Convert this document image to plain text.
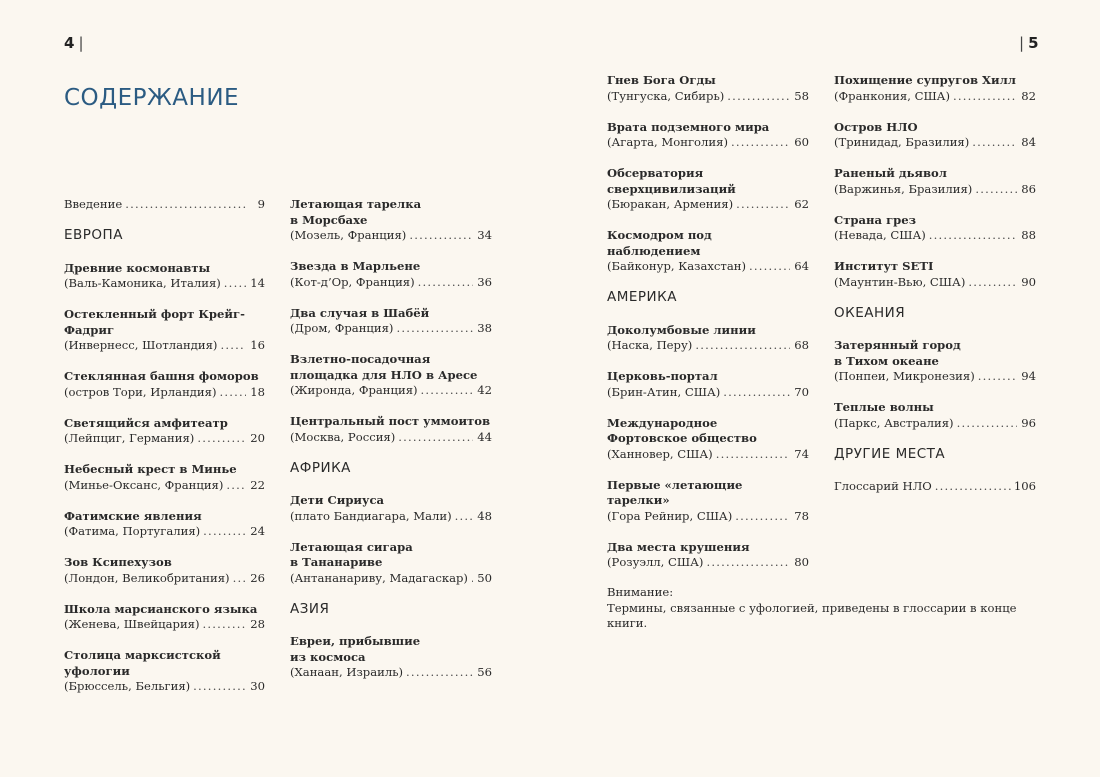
4 |	| 5
СОДЕРЖАНИЕ
Введение .....	9
ЕВРОПА
Древние космонавты
(Валь-Камоника, Италия) .....	14
Остекленный форт Крейг-
Фадриг
(Инвернесс, Шотландия) .....	16
Стеклянная башня фоморов
(остров Тори, Ирландия) .....	18
Светящийся амфитеатр
(Лейпциг, Германия) .....	20
Небесный крест в Минье
(Минье-Оксанс, Франция) ..... 22
Фатимские явления
(Фатима, Португалия) .....	24
Зов Ксипехузов
(Лондон, Великобритания) ..... 26
Школа марсианского языка
(Женева, Швейцария) .....	28
Столица марксистской
уфологии
(Брюссель, Бельгия) .....	30
Летающая тарелка
в Морсбахе
(Мозель, Франция) .....	34
Звезда в Марльене
(Кот-д’Ор, Франция) .....	36
Два случая в Шабёй
(Дром, Франция) .....	38
Взлетно-посадочная
площадка для НЛО в Аресе
(Жиронда, Франция) .....	42
Центральный пост уммоитов
(Москва, Россия) .....	44
АФРИКА
Дети Сириуса
(плато Бандиагара, Мали) ..... 48
Летающая сигара
в Тананариве
(Антананариву, Мадагаскар) ..... 50
АЗИЯ
Евреи, прибывшие
из космоса
(Ханаан, Израиль) .....	56
Гнев Бога Огды
(Тунгуска, Сибирь) .....	58
Врата подземного мира
(Агарта, Монголия) .....	60
Обсерватория
сверхцивилизаций
(Бюракан, Армения) .....	62
Космодром под наблюдением
(Байконур, Казахстан) .....	64
АМЕРИКА
Доколумбовые линии
(Наска, Перу) .....	68
Церковь-портал
(Брин-Атин, США) .....	70
Международное
Фортовское общество
(Ханновер, США) .....	74
Первые «летающие тарелки»
(Гора Рейнир, США) .....	78
Два места крушения
(Розуэлл, США) .....	80
Похищение супругов Хилл
(Франкония, США) .....	82
Остров НЛО
(Тринидад, Бразилия) .....	84
Раненый дьявол
(Варжинья, Бразилия) .....	86
Страна грез
(Невада, США) .....	88
Институт SETI
(Маунтин-Вью, США) .....	90
ОКЕАНИЯ
Затерянный город
в Тихом океане
(Понпеи, Микронезия) .....	94
Теплые волны
(Паркс, Австралия) .....	96
ДРУГИЕ МЕСТА
Глоссарий НЛО .....	106
Внимание:
Термины, связанные с уфологией, приведены в глоссарии в конце книги.
